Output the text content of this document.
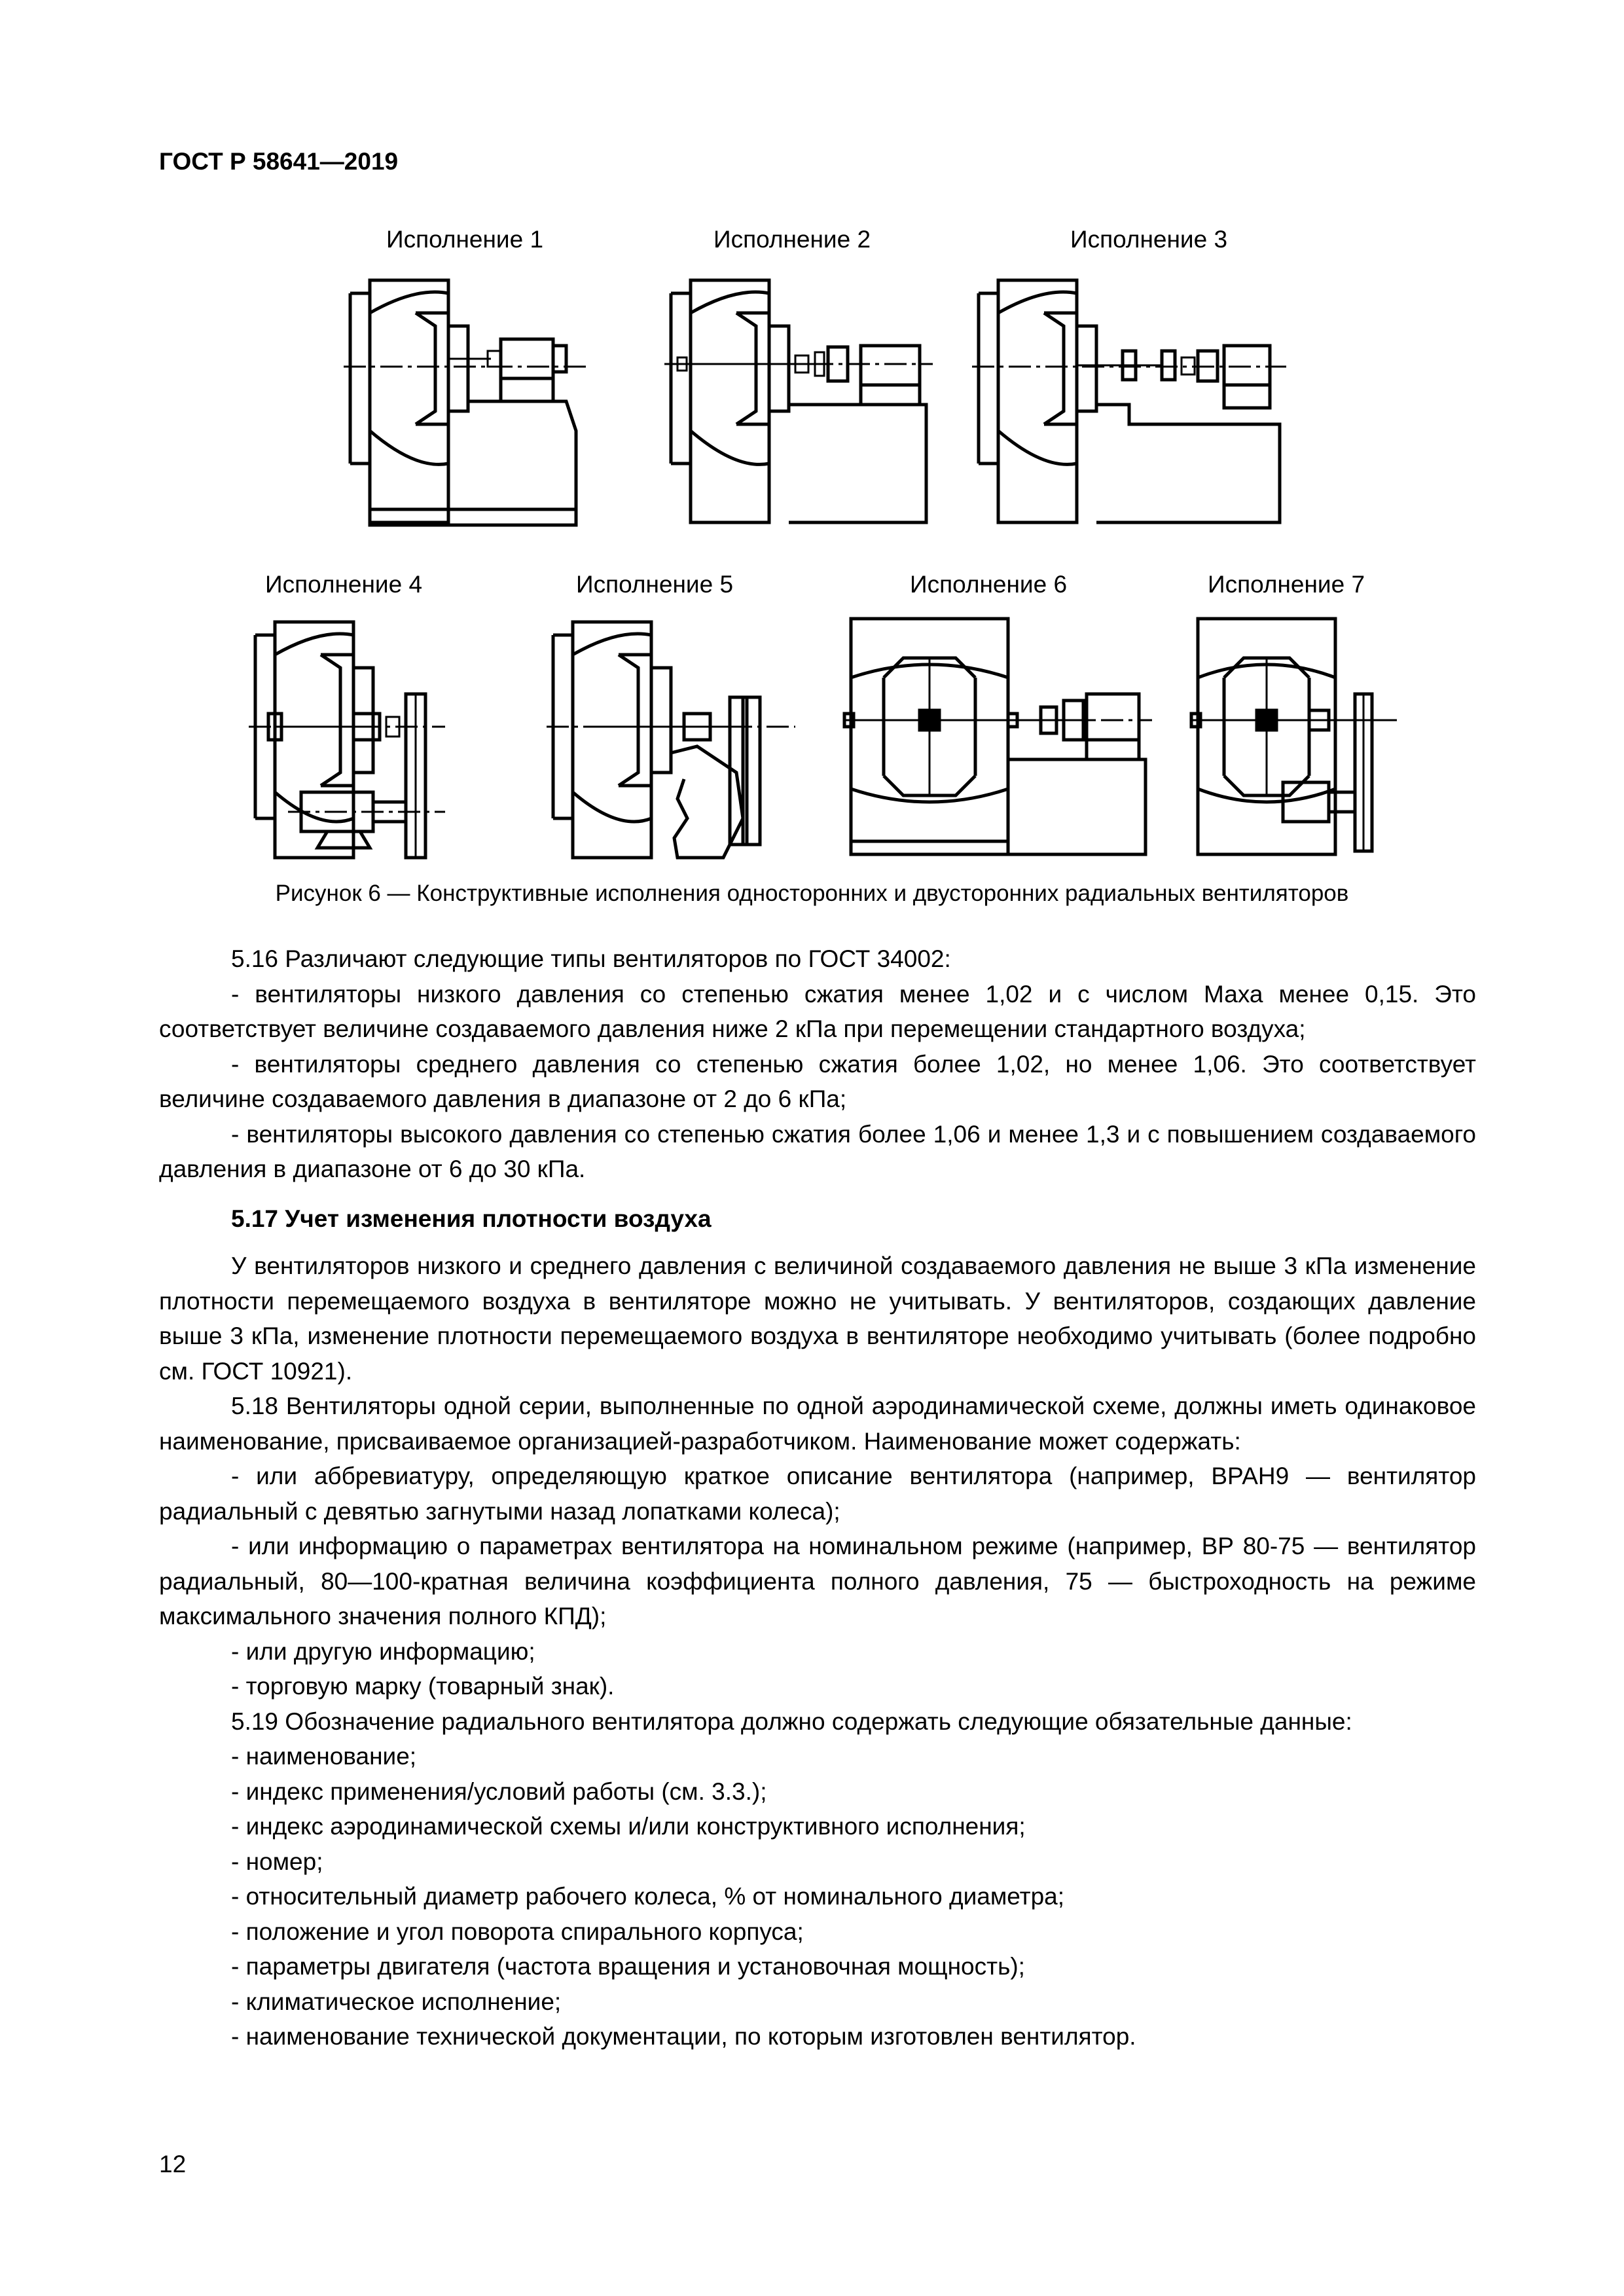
ГОСТ Р 58641—2019
Исполнение 1	Исполнение 2	Исполнение 3
Исполнение 4	Исполнение 5	Исполнение 6	Исполнение 7
Рисунок 6 — Конструктивные исполнения односторонних и двусторонних радиальных вентиляторов

5.16 Различают следующие типы вентиляторов по ГОСТ 34002:

- вентиляторы низкого давления со степенью сжатия менее 1,02 и с числом Маха менее 0,15. Это соответствует величине создаваемого давления ниже 2 кПа при перемещении стандартного воздуха;

- вентиляторы среднего давления со степенью сжатия более 1,02, но менее 1,06. Это соответствует величине создаваемого давления в диапазоне от 2 до 6 кПа;

- вентиляторы высокого давления со степенью сжатия более 1,06 и менее 1,3 и с повышением создаваемого давления в диапазоне от 6 до 30 кПа.

5.17 Учет изменения плотности воздуха

У вентиляторов низкого и среднего давления с величиной создаваемого давления не выше 3 кПа изменение плотности перемещаемого воздуха в вентиляторе можно не учитывать. У вентиляторов, создающих давление выше 3 кПа, изменение плотности перемещаемого воздуха в вентиляторе необходимо учитывать (более подробно см. ГОСТ 10921).

5.18 Вентиляторы одной серии, выполненные по одной аэродинамической схеме, должны иметь одинаковое наименование, присваиваемое организацией-разработчиком. Наименование может содержать:

- или аббревиатуру, определяющую краткое описание вентилятора (например, ВРАН9 — вентилятор радиальный с девятью загнутыми назад лопатками колеса);

- или информацию о параметрах вентилятора на номинальном режиме (например, ВР 80-75 — вентилятор радиальный, 80—100-кратная величина коэффициента полного давления, 75 — быстроходность на режиме максимального значения полного КПД);

- или другую информацию;

- торговую марку (товарный знак).

5.19 Обозначение радиального вентилятора должно содержать следующие обязательные данные:

- наименование;

- индекс применения/условий работы (см. 3.3.);

- индекс аэродинамической схемы и/или конструктивного исполнения;

- номер;

- относительный диаметр рабочего колеса, % от номинального диаметра;

- положение и угол поворота спирального корпуса;

- параметры двигателя (частота вращения и установочная мощность);

- климатическое исполнение;

- наименование технической документации, по которым изготовлен вентилятор.

12
